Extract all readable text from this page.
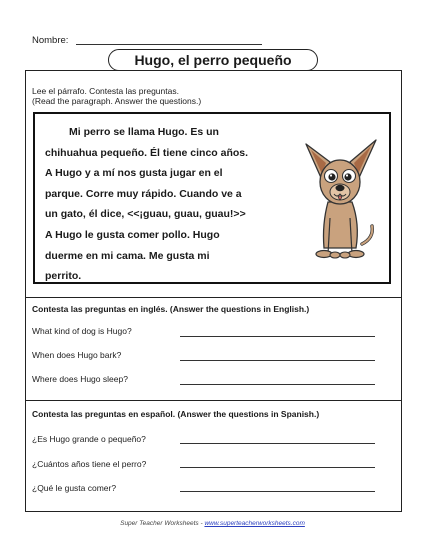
Nombre:
Hugo, el perro pequeño
Lee el párrafo. Contesta las preguntas.
(Read the paragraph. Answer the questions.)
Mi perro se llama Hugo. Es un
chihuahua pequeño. Él tiene cinco años.
A Hugo y a mí nos gusta jugar en el
parque. Corre muy rápido. Cuando ve a
un gato, él dice, <<¡guau, guau, guau!>>
A Hugo le gusta comer pollo. Hugo
duerme en mi cama. Me gusta mi
perrito.
Contesta las preguntas en inglés. (Answer the questions in English.)
What kind of dog is Hugo?
When does Hugo bark?
Where does Hugo sleep?
Contesta las preguntas en español. (Answer the questions in Spanish.)
¿Es Hugo grande o pequeño?
¿Cuántos años tiene el perro?
¿Qué le gusta comer?
Super Teacher Worksheets - www.superteacherworksheets.com
